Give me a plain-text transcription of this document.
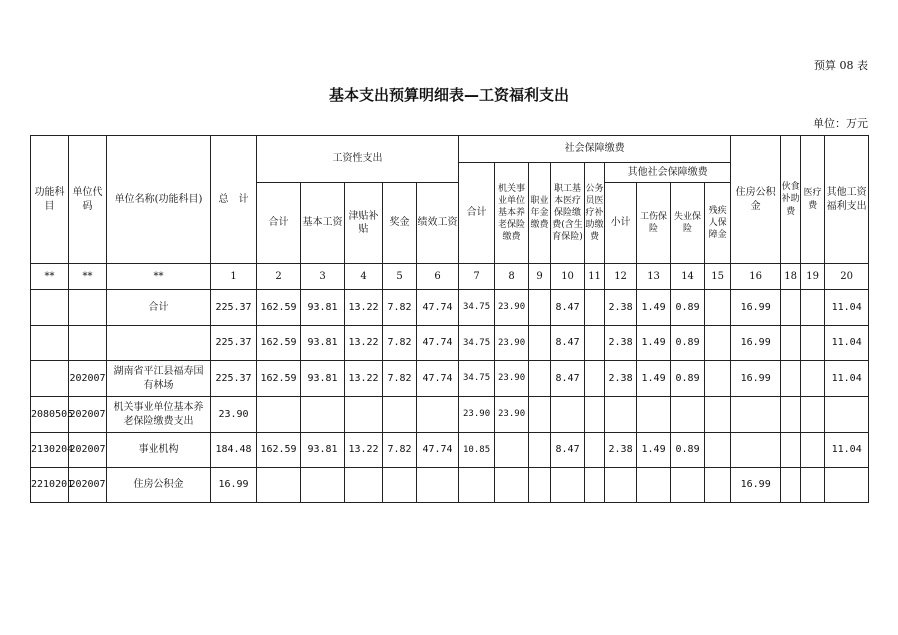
预算 08 表
基本支出预算明细表—工资福利支出
单位：万元
功能科目	单位代码	单位名称(功能科目)	总　计	工资性支出					社会保障缴费									住房公积金	伙食补助费	医疗费	其他工资福利支出
									合计	机关事业单位基本养老保险缴费	职业年金缴费	职工基本医疗保险缴费(含生育保险)	公务员医疗补助缴费	其他社会保障缴费							
				合计	基本工资	津贴补贴	奖金	绩效工资						小计	工伤保险	失业保险	残疾人保障金				
**	**	**	1	2	3	4	5	6	7	8	9	10	11	12	13	14	15	16	18	19	20
		合计	225.37	162.59	93.81	13.22	7.82	47.74	34.75	23.90		8.47		2.38	1.49	0.89		16.99			11.04
			225.37	162.59	93.81	13.22	7.82	47.74	34.75	23.90		8.47		2.38	1.49	0.89		16.99			11.04
	202007	湖南省平江县福寿国有林场	225.37	162.59	93.81	13.22	7.82	47.74	34.75	23.90		8.47		2.38	1.49	0.89		16.99			11.04
2080505	202007	机关事业单位基本养老保险缴费支出	23.90						23.90	23.90											
2130204	202007	事业机构	184.48	162.59	93.81	13.22	7.82	47.74	10.85			8.47		2.38	1.49	0.89					11.04
2210201	202007	住房公积金	16.99															16.99			
